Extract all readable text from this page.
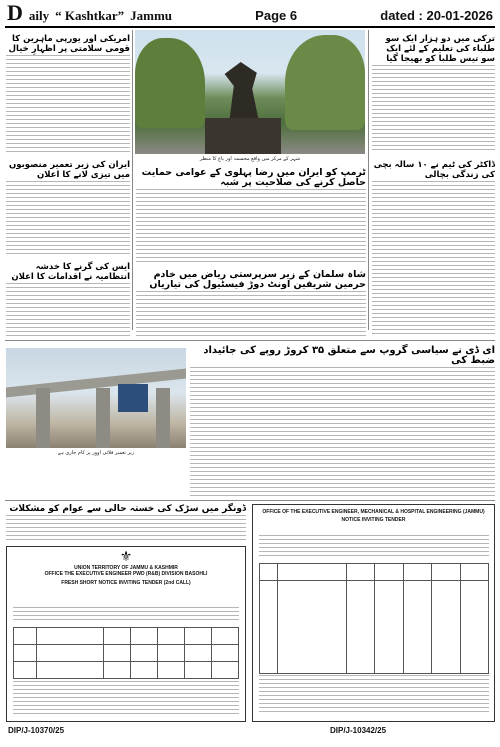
D aily “ Kashtkar” Jammu	Page 6	dated : 20-01-2026
امریکی اور یورپی ماہرین کا قومی سلامتی پر اظہارِ خیال
شہر کے مرکز میں واقع مجسمہ اور باغ کا منظر
ترکی میں دو ہزار ایک سو طلباء کی تعلیم کے لئے ایک سو تیس طلبا کو بھیجا گیا
ایران کی زیر تعمیر منصوبوں میں تیزی لانے کا اعلان	ٹرمپ کو ایران میں رضا پہلوی کے عوامی حمایت حاصل کرنے کی صلاحیت پر شبہ
ڈاکٹر کی ٹیم نے ۱۰ سالہ بچی کی زندگی بچالی
ایس کی گرنے کا خدشہ انتظامیہ نے اقدامات کا اعلان	شاہ سلمان کے زیر سرپرستی ریاض میں خادم حرمین شریفین اونٹ دوڑ فیسٹیول کی تیاریاں
زیر تعمیر فلائی اوور پر کام جاری ہے
ای ڈی نے سیاسی گروپ سے متعلق ۳۵ کروڑ روپے کی جائیداد ضبط کی
ڈونگر میں سڑک کی خستہ حالی سے عوام کو مشکلات
⚜
UNION TERRITORY OF JAMMU & KASHMIR
OFFICE THE EXECUTIVE ENGINEER PWD (R&B) DIVISION BASOHLI
FRESH SHORT NOTICE INVITING TENDER (2nd CALL)

DIP/J-10370/25
OFFICE OF THE EXECUTIVE ENGINEER, MECHANICAL & HOSPITAL ENGINEERING (JAMMU)
NOTICE INVITING TENDER

DIP/J-10342/25
